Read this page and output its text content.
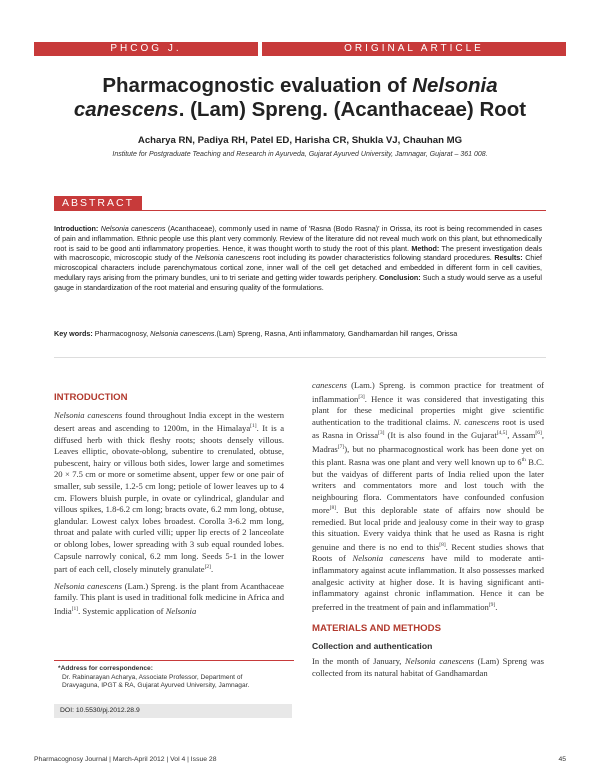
PHCOG J.	ORIGINAL ARTICLE
Pharmacognostic evaluation of Nelsonia canescens. (Lam) Spreng. (Acanthaceae) Root
Acharya RN, Padiya RH, Patel ED, Harisha CR, Shukla VJ, Chauhan MG
Institute for Postgraduate Teaching and Research in Ayurveda, Gujarat Ayurved University, Jamnagar, Gujarat – 361 008.
ABSTRACT

Introduction: Nelsonia canescens (Acanthaceae), commonly used in name of 'Rasna (Bodo Rasna)' in Orissa, its root is being recommended in cases of pain and inflammation. Ethnic people use this plant very commonly. Review of the literature did not reveal much work on this plant, but ethnomedically root is said to be good anti inflammatory properties. Hence, it was thought worth to study the root of this plant. Method: The present investigation deals with macroscopic, microscopic study of the Nelsonia canescens root including its powder characteristics following standard procedures. Results: Chief microscopical characters include parenchymatous cortical zone, inner wall of the cell get detached and embedded in different form in cell cavities, medullary rays arising from the primary bundles, uni to tri seriate and getting wider towards periphery. Conclusion: Such a study would serve as a useful gauge in standardization of the root material and ensuring quality of the formulations.

Key words: Pharmacognosy, Nelsonia canescens.(Lam) Spreng, Rasna, Anti inflammatory, Gandhamardan hill ranges, Orissa
INTRODUCTION

Nelsonia canescens found throughout India except in the western desert areas and ascending to 1200m, in the Himalaya[1]. It is a diffused herb with thick fleshy roots; shoots densely villous. Leaves elliptic, obovate-oblong, subentire to crenulated, obtuse, pubescent, hairy or villous both sides, lower large and sometimes 20 × 7.5 cm or more or sometime absent, upper few or one pair of smaller, sub sessile, 1.2-5 cm long; petiole of lower leaves up to 4 cm. Flowers bluish purple, in ovate or cylindrical, glandular and villous spikes, 1.8-6.2 cm long; bracts ovate, 6.2 mm long, obtuse, glandular. Lowest calyx lobes broadest. Corolla 3-6.2 mm long, throat and palate with curled villi; upper lip erects of 2 lanceolate or oblong lobes, lower spreading with 3 sub equal rounded lobes. Capsule narrowly conical, 6.2 mm long. Seeds 5-1 in the lower part of each cell, closely minutely granulate[2].

Nelsonia canescens (Lam.) Spreng. is the plant from Acanthaceae family. This plant is used in traditional folk medicine in Africa and India[1]. Systemic application of Nelsonia

canescens (Lam.) Spreng. is common practice for treatment of inflammation[3]. Hence it was considered that investigating this plant for these medicinal properties might give scientific authentication to the traditional claims. N. canescens root is used as Rasna in Orissa[3] (It is also found in the Gujarat[4,5], Assam[6], Madras[7]), but no pharmacognostical work has been done yet on this plant. Rasna was one plant and very well known up to 6th B.C. but the vaidyas of different parts of India relied upon the later writers and commentators more and lost touch with the neighbouring flora. Commentators have confounded confusion more[8]. But this deplorable state of affairs now should be remedied. But local pride and jealousy come in their way to grasp this situation. Every vaidya think that he used as Rasna is right genuine and there is no end to this[8]. Recent studies shows that Roots of Nelsonia canescens have mild to moderate anti-inflammatory against acute inflammation. It also possesses marked analgesic activity at higher dose. It is having significant anti-inflammatory against chronic inflammation. Hence it can be preferred in the treatment of pain and inflammation[9].

MATERIALS AND METHODS
Collection and authentication

In the month of January, Nelsonia canescens (Lam) Spreng was collected from its natural habitat of Gandhamardan

*Address for correspondence:
Dr. Rabinarayan Acharya, Associate Professor, Department of
Dravyaguna, IPGT & RA, Gujarat Ayurved University, Jamnagar.
DOI: 10.5530/pj.2012.28.9
Pharmacognosy Journal | March-April 2012 | Vol 4 | Issue 28	45
